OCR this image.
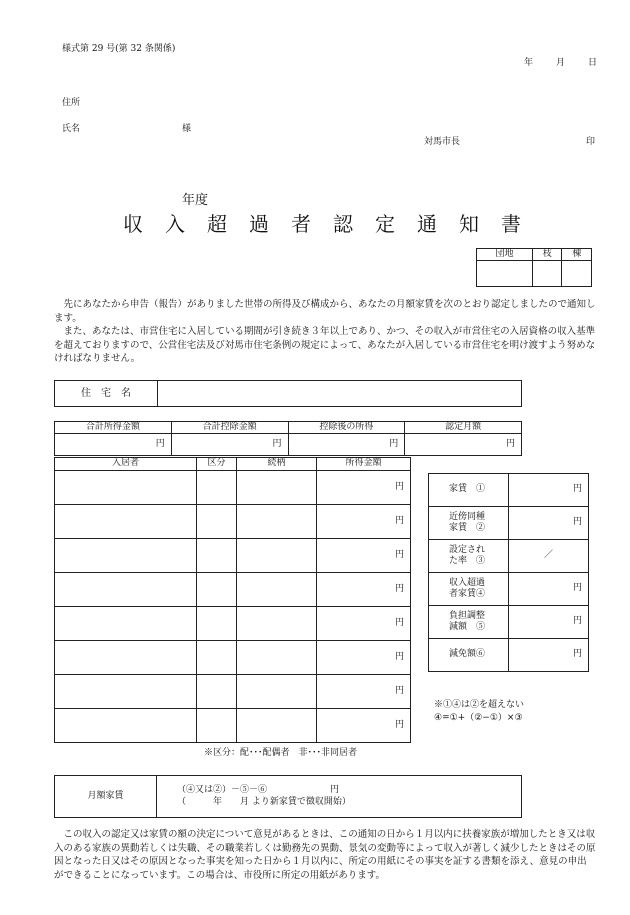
様式第 29 号(第 32 条関係)
年	月	日
住所
氏名	様
対馬市長	印
年度
収 入 超 過 者 認 定 通 知 書
団地	枝	棟

先にあなたから申告（報告）がありました世帯の所得及び構成から、あなたの月額家賃を次のとおり認定しましたので通知します。

また、あなたは、市営住宅に入居している期間が引き続き３年以上であり、かつ、その収入が市営住宅の入居資格の収入基準を超えておりますので、公営住宅法及び対馬市住宅条例の規定によって、あなたが入居している市営住宅を明け渡すよう努めなければなりません。

住　宅　名	
合計所得金額	合計控除金額	控除後の所得	認定月額
円	円	円	円
入居者	区分	続柄	所得金額
			円
			円
			円
			円
			円
			円
			円
			円
※区分：配･･･配偶者　非･･･非同居者
家賃　①	円
近傍同種
家賃　②	円
設定され
た率　③	／
収入超過
者家賃④	円
負担調整
減額　⑤	円
減免額⑥	円
※①④は②を超えない
④=①+（②−①）×③
月額家賃	
（④又は②）－⑤－⑥　　　　　　　円
（　　　年　　月 より新家賃で徴収開始）

この収入の認定又は家賃の額の決定について意見があるときは、この通知の日から１月以内に扶養家族が増加したとき又は収入のある家族の異動若しくは失職、その職業若しくは勤務先の異動、景気の変動等によって収入が著しく減少したときはその原因となった日又はその原因となった事実を知った日から１月以内に、所定の用紙にその事実を証する書類を添え、意見の申出ができることになっています。この場合は、市役所に所定の用紙があります。
